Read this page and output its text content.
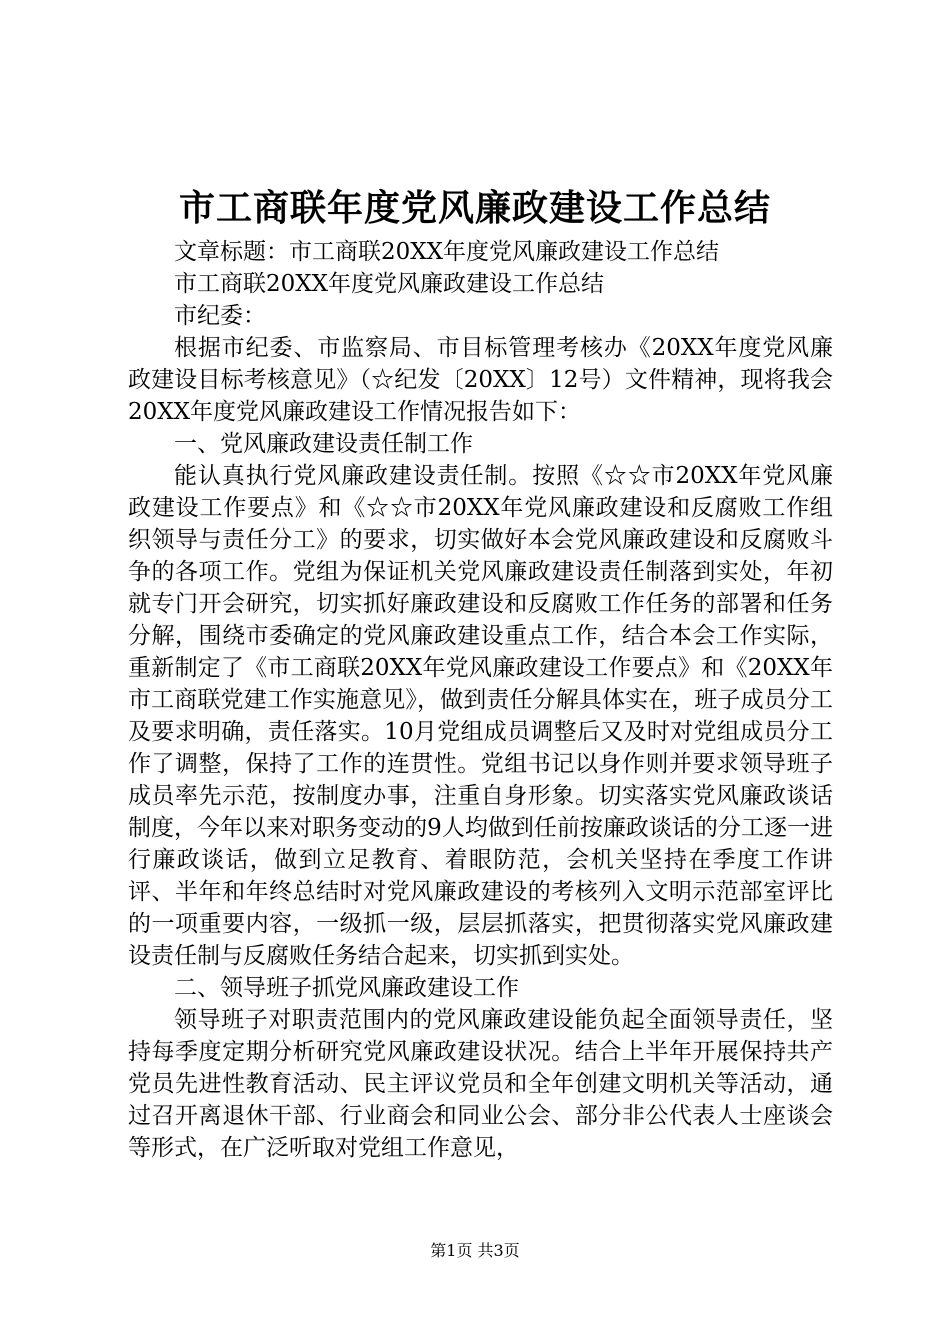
市工商联年度党风廉政建设工作总结

文章标题：市工商联20XX年度党风廉政建设工作总结

市工商联20XX年度党风廉政建设工作总结

市纪委：

根据市纪委、市监察局、市目标管理考核办《20XX年度党风廉政建设目标考核意见》（☆纪发〔20XX〕12号）文件精神，现将我会20XX年度党风廉政建设工作情况报告如下：

一、党风廉政建设责任制工作

能认真执行党风廉政建设责任制。按照《☆☆市20XX年党风廉政建设工作要点》和《☆☆市20XX年党风廉政建设和反腐败工作组织领导与责任分工》的要求，切实做好本会党风廉政建设和反腐败斗争的各项工作。党组为保证机关党风廉政建设责任制落到实处，年初就专门开会研究，切实抓好廉政建设和反腐败工作任务的部署和任务分解，围绕市委确定的党风廉政建设重点工作，结合本会工作实际，重新制定了《市工商联20XX年党风廉政建设工作要点》和《20XX年市工商联党建工作实施意见》，做到责任分解具体实在，班子成员分工及要求明确，责任落实。10月党组成员调整后又及时对党组成员分工作了调整，保持了工作的连贯性。党组书记以身作则并要求领导班子成员率先示范，按制度办事，注重自身形象。切实落实党风廉政谈话制度，今年以来对职务变动的9人均做到任前按廉政谈话的分工逐一进行廉政谈话，做到立足教育、着眼防范，会机关坚持在季度工作讲评、半年和年终总结时对党风廉政建设的考核列入文明示范部室评比的一项重要内容，一级抓一级，层层抓落实，把贯彻落实党风廉政建设责任制与反腐败任务结合起来，切实抓到实处。

二、领导班子抓党风廉政建设工作

领导班子对职责范围内的党风廉政建设能负起全面领导责任，坚持每季度定期分析研究党风廉政建设状况。结合上半年开展保持共产党员先进性教育活动、民主评议党员和全年创建文明机关等活动，通过召开离退休干部、行业商会和同业公会、部分非公代表人士座谈会等形式，在广泛听取对党组工作意见，

第1页 共3页
